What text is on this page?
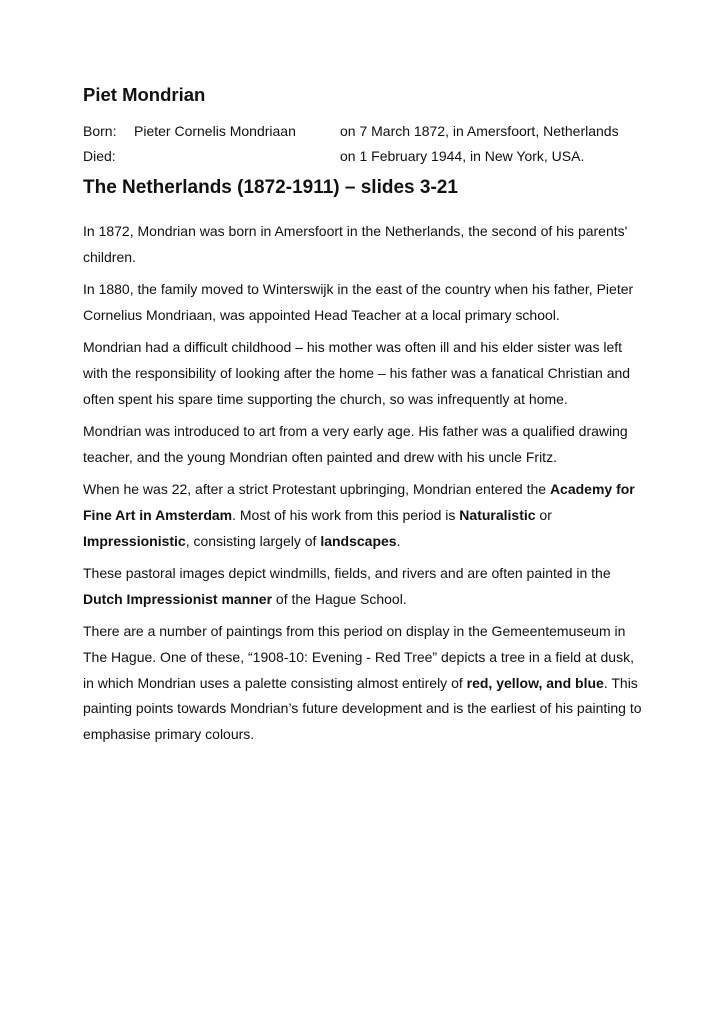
Piet Mondrian
Born: Pieter Cornelis Mondriaan	on 7 March 1872, in Amersfoort, Netherlands
Died:	on 1 February 1944, in New York, USA.
The Netherlands (1872-1911) – slides 3-21

In 1872, Mondrian was born in Amersfoort in the Netherlands, the second of his parents' children.

In 1880, the family moved to Winterswijk in the east of the country when his father, Pieter Cornelius Mondriaan, was appointed Head Teacher at a local primary school.

Mondrian had a difficult childhood – his mother was often ill and his elder sister was left with the responsibility of looking after the home – his father was a fanatical Christian and often spent his spare time supporting the church, so was infrequently at home.

Mondrian was introduced to art from a very early age. His father was a qualified drawing teacher, and the young Mondrian often painted and drew with his uncle Fritz.

When he was 22, after a strict Protestant upbringing, Mondrian entered the Academy for Fine Art in Amsterdam. Most of his work from this period is Naturalistic or Impressionistic, consisting largely of landscapes.

These pastoral images depict windmills, fields, and rivers and are often painted in the Dutch Impressionist manner of the Hague School.

There are a number of paintings from this period on display in the Gemeentemuseum in The Hague. One of these, “1908-10: Evening - Red Tree” depicts a tree in a field at dusk, in which Mondrian uses a palette consisting almost entirely of red, yellow, and blue. This painting points towards Mondrian’s future development and is the earliest of his painting to emphasise primary colours.
